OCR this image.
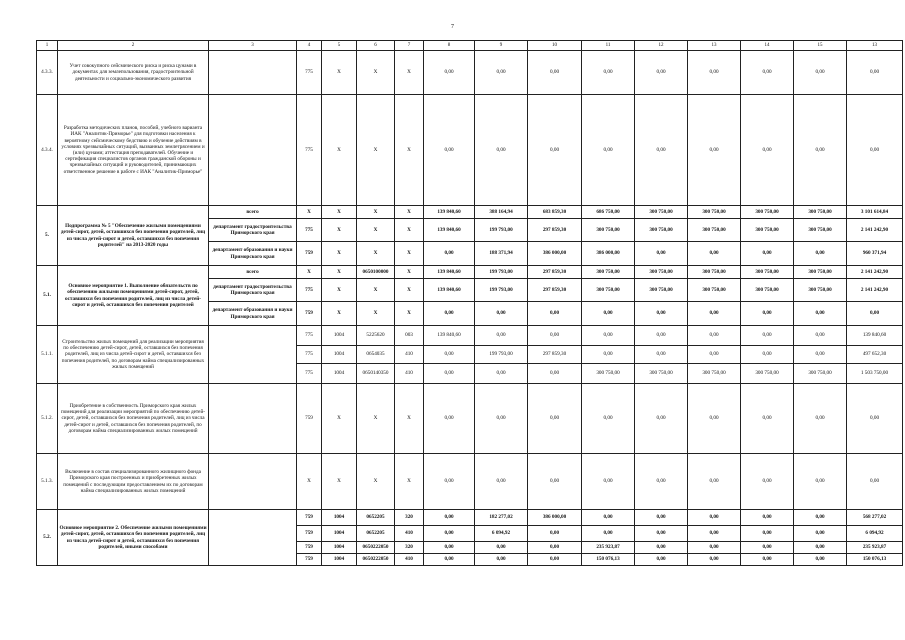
7
1	2	3	4	5	6	7	8	9	10	11	12	13	14	15	13
4.3.3.	Учет совокупного сейсмического риска и риска цунами в документах для землепользования, градостроительной деятельности и социально-экономического развития		775	X	X	X	0,00	0,00	0,00	0,00	0,00	0,00	0,00	0,00	0,00
4.3.4.	Разработка методических планов, пособий, учебного варианта ИАК "Аналитик-Приморье" для подготовки населения к вероятному сейсмическому бедствию и обучение действиям в условиях чрезвычайных ситуаций, вызванных землетрясением и (или) цунами; аттестация преподавателей. Обучение и сертификация специалистов органов гражданской обороны и чрезвычайных ситуаций и руководителей, принимающих ответственное решение в работе с ИАК "Аналитик-Приморье"		775	X	X	X	0,00	0,00	0,00	0,00	0,00	0,00	0,00	0,00	0,00
5.	Подпрограмма № 5 "Обеспечение жилыми помещениями детей-сирот, детей, оставшихся без попечения родителей, лиц из числа детей-сирот и детей, оставшихся без попечения родителей" на 2013-2020 годы	всего	X	X	X	X	139 840,60	388 164,94	683 859,30	686 750,00	300 750,00	300 750,00	300 750,00	300 750,00	3 101 614,84
		департамент градостроительства Приморского края	775	X	X	X	139 840,60	199 793,00	297 859,30	300 750,00	300 750,00	300 750,00	300 750,00	300 750,00	2 141 242,90
		департамент образования и науки Приморского края	759	X	X	X	0,00	188 371,94	386 000,00	386 000,00	0,00	0,00	0,00	0,00	960 371,94
5.1.	Основное мероприятие 1. Выполнение обязательств по обеспечению жилыми помещениями детей-сирот, детей, оставшихся без попечения родителей, лиц из числа детей-сирот и детей, оставшихся без попечения родителей	всего	X	X	0650100000	X	139 840,60	199 793,00	297 859,30	300 750,00	300 750,00	300 750,00	300 750,00	300 750,00	2 141 242,90
		департамент градостроительства Приморского края	775	X	X	X	139 840,60	199 793,00	297 859,30	300 750,00	300 750,00	300 750,00	300 750,00	300 750,00	2 141 242,90
		департамент образования и науки Приморского края	759	X	X	X	0,00	0,00	0,00	0,00	0,00	0,00	0,00	0,00	0,00
5.1.1.	Строительство жилых помещений для реализации мероприятия по обеспечению детей-сирот, детей, оставшихся без попечения родителей, лиц из числа детей-сирот и детей, оставшихся без попечения родителей, по договорам найма специализированных жилых помещений		775	1004	5225620	003	139 840,60	0,00	0,00	0,00	0,00	0,00	0,00	0,00	139 840,60
			775	1004	0654035	410	0,00	199 793,00	297 859,30	0,00	0,00	0,00	0,00	0,00	497 652,30
			775	1004	0650140350	410	0,00	0,00	0,00	300 750,00	300 750,00	300 750,00	300 750,00	300 750,00	1 503 750,00
5.1.2.	Приобретение в собственность Приморского края жилых помещений для реализации мероприятий по обеспечению детей-сирот, детей, оставшихся без попечения родителей, лиц из числа детей-сирот и детей, оставшихся без попечения родителей, по договорам найма специализированных жилых помещений		759	X	X	X	0,00	0,00	0,00	0,00	0,00	0,00	0,00	0,00	0,00
5.1.3.	Включение в состав специализированного жилищного фонда Приморского края построенных и приобретенных жилых помещений с последующим предоставлением их по договорам найма специализированных жилых помещений		X	X	X	X	0,00	0,00	0,00	0,00	0,00	0,00	0,00	0,00	0,00
5.2.	Основное мероприятие 2. Обеспечение жилыми помещениями детей-сирот, детей, оставшихся без попечения родителей, лиц из числа детей-сирот и детей, оставшихся без попечения родителей, иными способами		759	1004	0652205	320	0,00	182 277,02	386 000,00	0,00	0,00	0,00	0,00	0,00	568 277,02
			759	1004	0652205	410	0,00	6 094,92	0,00	0,00	0,00	0,00	0,00	0,00	6 094,92
			759	1004	0650222050	320	0,00	0,00	0,00	235 923,87	0,00	0,00	0,00	0,00	235 923,87
			759	1004	0650222050	410	0,00	0,00	0,00	150 076,13	0,00	0,00	0,00	0,00	150 076,13
